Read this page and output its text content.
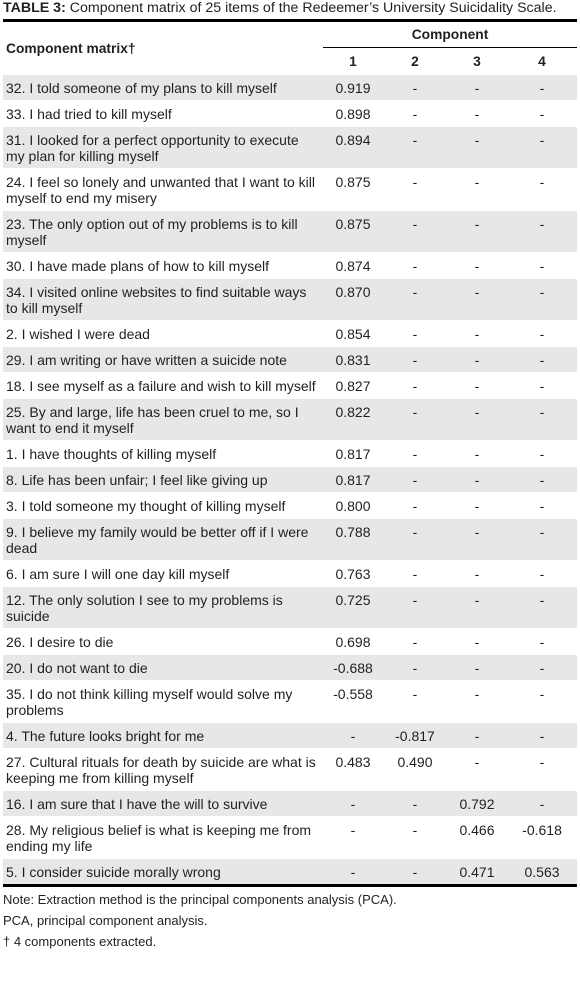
TABLE 3: Component matrix of 25 items of the Redeemer’s University Suicidality Scale.

Component matrix†	Component			
	1	2	3	4
32. I told someone of my plans to kill myself	0.919	-	-	-
33. I had tried to kill myself	0.898	-	-	-
31. I looked for a perfect opportunity to execute my plan for killing myself	0.894	-	-	-
24. I feel so lonely and unwanted that I want to kill myself to end my misery	0.875	-	-	-
23. The only option out of my problems is to kill myself	0.875	-	-	-
30. I have made plans of how to kill myself	0.874	-	-	-
34. I visited online websites to find suitable ways to kill myself	0.870	-	-	-
2. I wished I were dead	0.854	-	-	-
29. I am writing or have written a suicide note	0.831	-	-	-
18. I see myself as a failure and wish to kill myself	0.827	-	-	-
25. By and large, life has been cruel to me, so I want to end it myself	0.822	-	-	-
1. I have thoughts of killing myself	0.817	-	-	-
8. Life has been unfair; I feel like giving up	0.817	-	-	-
3. I told someone my thought of killing myself	0.800	-	-	-
9. I believe my family would be better off if I were dead	0.788	-	-	-
6. I am sure I will one day kill myself	0.763	-	-	-
12. The only solution I see to my problems is suicide	0.725	-	-	-
26. I desire to die	0.698	-	-	-
20. I do not want to die	-0.688	-	-	-
35. I do not think killing myself would solve my problems	-0.558	-	-	-
4. The future looks bright for me	-	-0.817	-	-
27. Cultural rituals for death by suicide are what is keeping me from killing myself	0.483	0.490	-	-
16. I am sure that I have the will to survive	-	-	0.792	-
28. My religious belief is what is keeping me from ending my life	-	-	0.466	-0.618
5. I consider suicide morally wrong	-	-	0.471	0.563
Note: Extraction method is the principal components analysis (PCA).
PCA, principal component analysis.
† 4 components extracted.
